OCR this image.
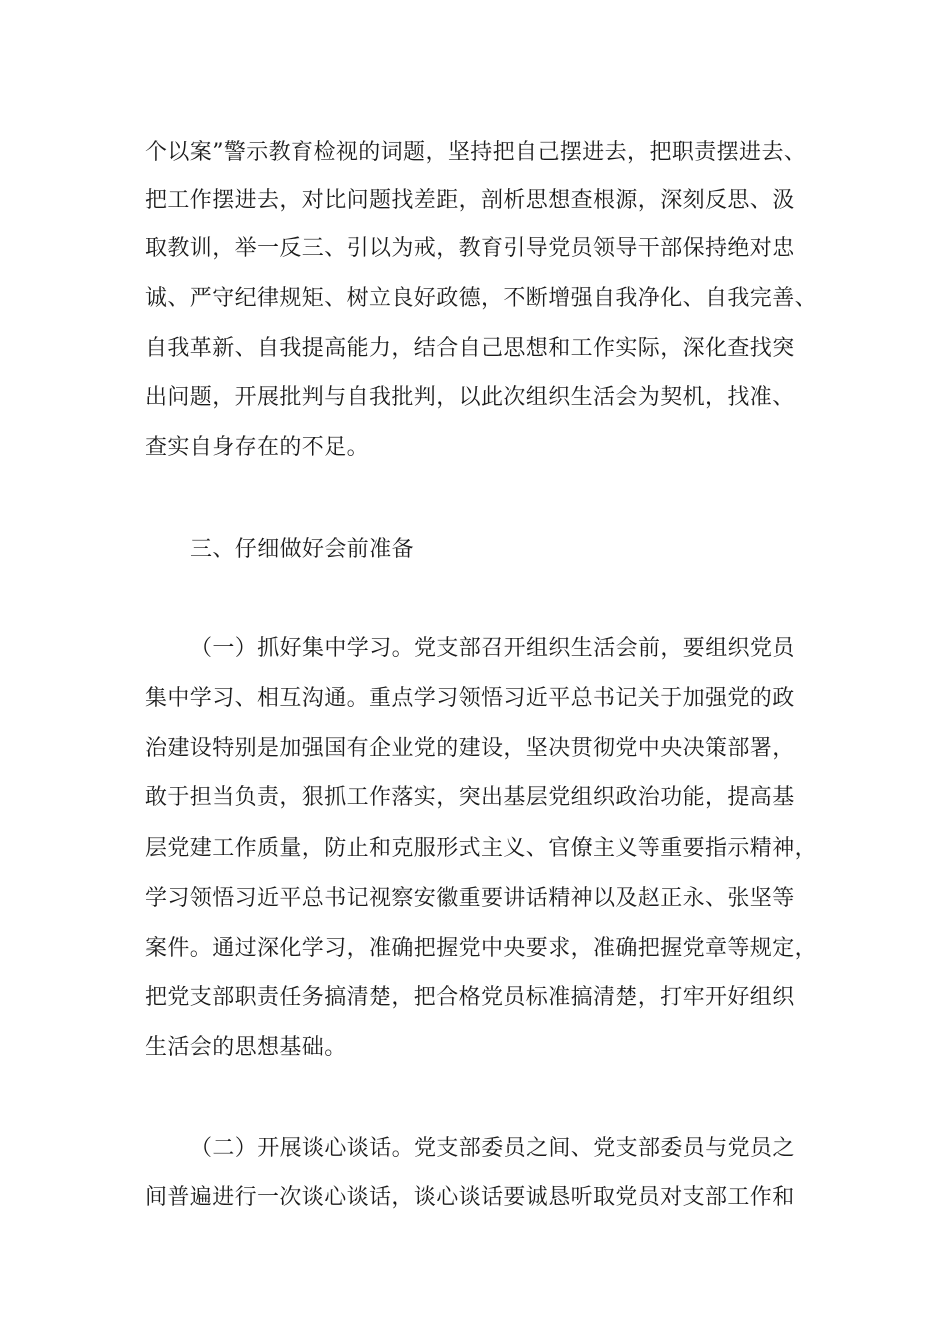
个以案”警示教育检视的词题，坚持把自己摆进去，把职责摆进去、
把工作摆进去，对比问题找差距，剖析思想查根源，深刻反思、汲
取教训，举一反三、引以为戒，教育引导党员领导干部保持绝对忠
诚、严守纪律规矩、树立良好政德，不断增强自我净化、自我完善、
自我革新、自我提高能力，结合自己思想和工作实际，深化查找突
出问题，开展批判与自我批判，以此次组织生活会为契机，找准、
查实自身存在的不足。
三、仔细做好会前准备
（一）抓好集中学习。党支部召开组织生活会前，要组织党员
集中学习、相互沟通。重点学习领悟习近平总书记关于加强党的政
治建设特别是加强国有企业党的建设，坚决贯彻党中央决策部署，
敢于担当负责，狠抓工作落实，突出基层党组织政治功能，提高基
层党建工作质量，防止和克服形式主义、官僚主义等重要指示精神，
学习领悟习近平总书记视察安徽重要讲话精神以及赵正永、张坚等
案件。通过深化学习，准确把握党中央要求，准确把握党章等规定，
把党支部职责任务搞清楚，把合格党员标准搞清楚，打牢开好组织
生活会的思想基础。
（二）开展谈心谈话。党支部委员之间、党支部委员与党员之
间普遍进行一次谈心谈话，谈心谈话要诚恳听取党员对支部工作和
